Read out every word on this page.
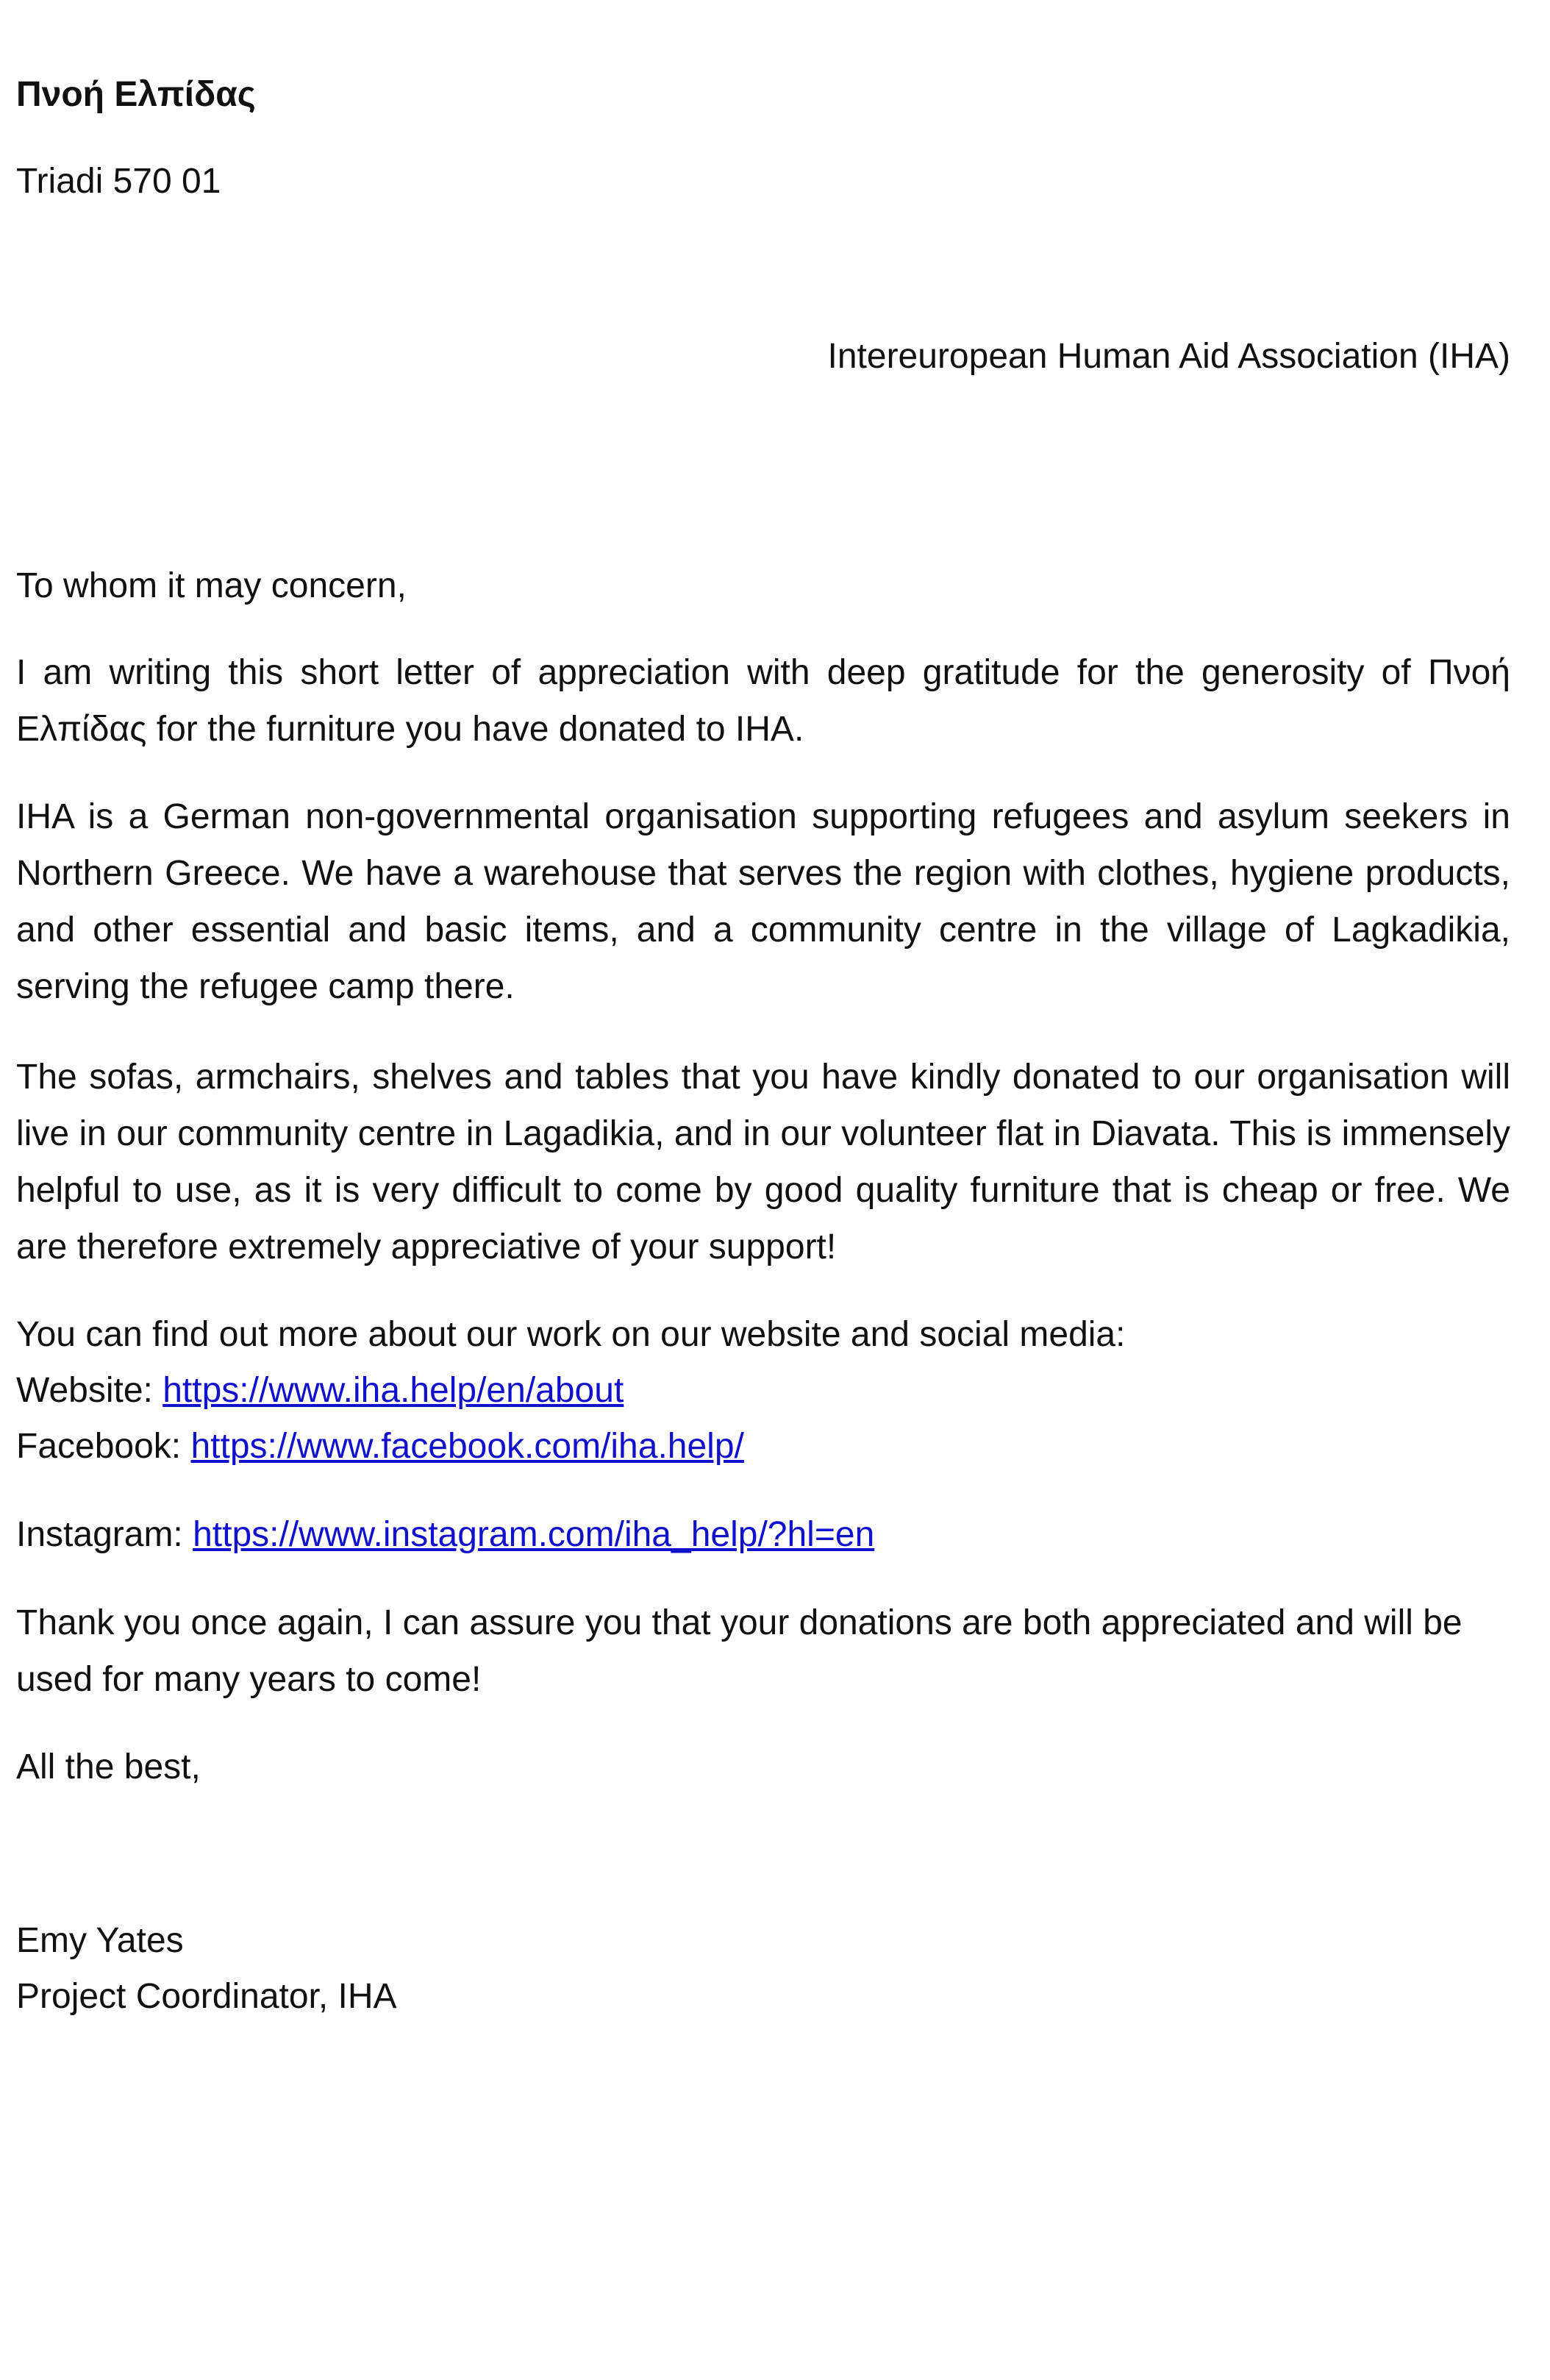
Πνοή Ελπίδας
Triadi 570 01
Intereuropean Human Aid Association (IHA)
To whom it may concern,
I am writing this short letter of appreciation with deep gratitude for the generosity of Πνοή Ελπίδας for the furniture you have donated to IHA.
IHA is a German non-governmental organisation supporting refugees and asylum seekers in Northern Greece. We have a warehouse that serves the region with clothes, hygiene products, and other essential and basic items, and a community centre in the village of Lagkadikia, serving the refugee camp there.
The sofas, armchairs, shelves and tables that you have kindly donated to our organisation will live in our community centre in Lagadikia, and in our volunteer flat in Diavata. This is immensely helpful to use, as it is very difficult to come by good quality furniture that is cheap or free. We are therefore extremely appreciative of your support!
You can find out more about our work on our website and social media:
Website: https://www.iha.help/en/about
Facebook: https://www.facebook.com/iha.help/
Instagram: https://www.instagram.com/iha_help/?hl=en
Thank you once again, I can assure you that your donations are both appreciated and will be used for many years to come!
All the best,
Emy Yates
Project Coordinator, IHA
